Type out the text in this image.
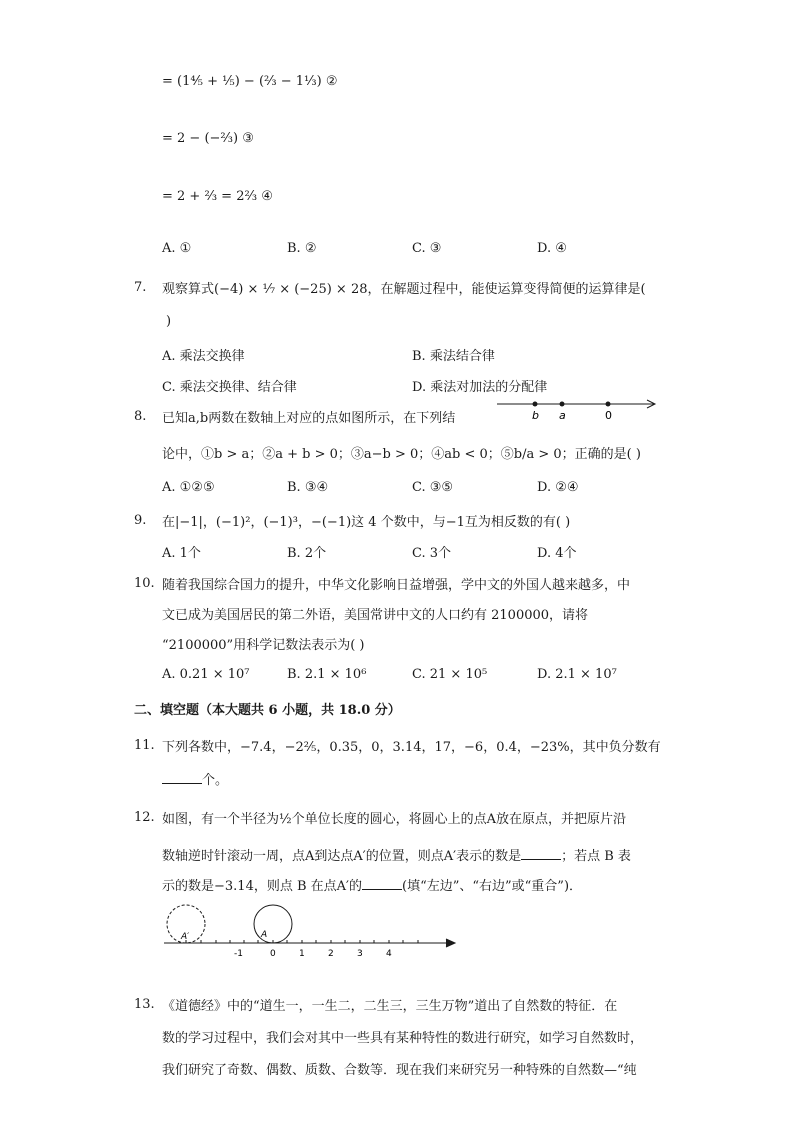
= (1⁴⁄₅ + ¹⁄₅) − (²⁄₃ − 1¹⁄₃) ②
= 2 − (−²⁄₃) ③
= 2 + ²⁄₃ = 2²⁄₃ ④
A. ①	B. ②	C. ③	D. ④
7. 观察算式(−4) × ¹⁄₇ × (−25) × 28，在解题过程中，能使运算变得简便的运算律是(
)
A. 乘法交换律	B. 乘法结合律
C. 乘法交换律、结合律	D. 乘法对加法的分配律
8. 已知a,b两数在数轴上对应的点如图所示，在下列结	b a	0
论中，①b > a；②a + b > 0；③a−b > 0；④ab < 0；⑤b/a > 0；正确的是( )
A. ①②⑤	B. ③④	C. ③⑤	D. ②④
9. 在|−1|，(−1)²，(−1)³，−(−1)这 4 个数中，与−1互为相反数的有( )
A. 1个	B. 2个	C. 3个	D. 4个
10. 随着我国综合国力的提升，中华文化影响日益增强，学中文的外国人越来越多，中
文已成为美国居民的第二外语，美国常讲中文的人口约有 2100000，请将
“2100000”用科学记数法表示为( )
A. 0.21 × 10⁷	B. 2.1 × 10⁶	C. 21 × 10⁵	D. 2.1 × 10⁷
二、填空题（本大题共 6 小题，共 18.0 分）
11. 下列各数中，−7.4，−2²⁄₅，0.35，0，3.14，17，−6，0.4，−23%，其中负分数有
个。
12. 如图，有一个半径为½个单位长度的圆心，将圆心上的点A放在原点，并把原片沿
数轴逆时针滚动一周，点A到达点A′的位置，则点A′表示的数是	；若点 B 表
示的数是−3.14，则点 B 在点A′的	(填“左边”、“右边”或“重合”)．
A′	A
-1	0	1	2	3	4
13. 《道德经》中的“道生一，一生二，二生三，三生万物”道出了自然数的特征．在
数的学习过程中，我们会对其中一些具有某种特性的数进行研究，如学习自然数时，
我们研究了奇数、偶数、质数、合数等．现在我们来研究另一种特殊的自然数—“纯
